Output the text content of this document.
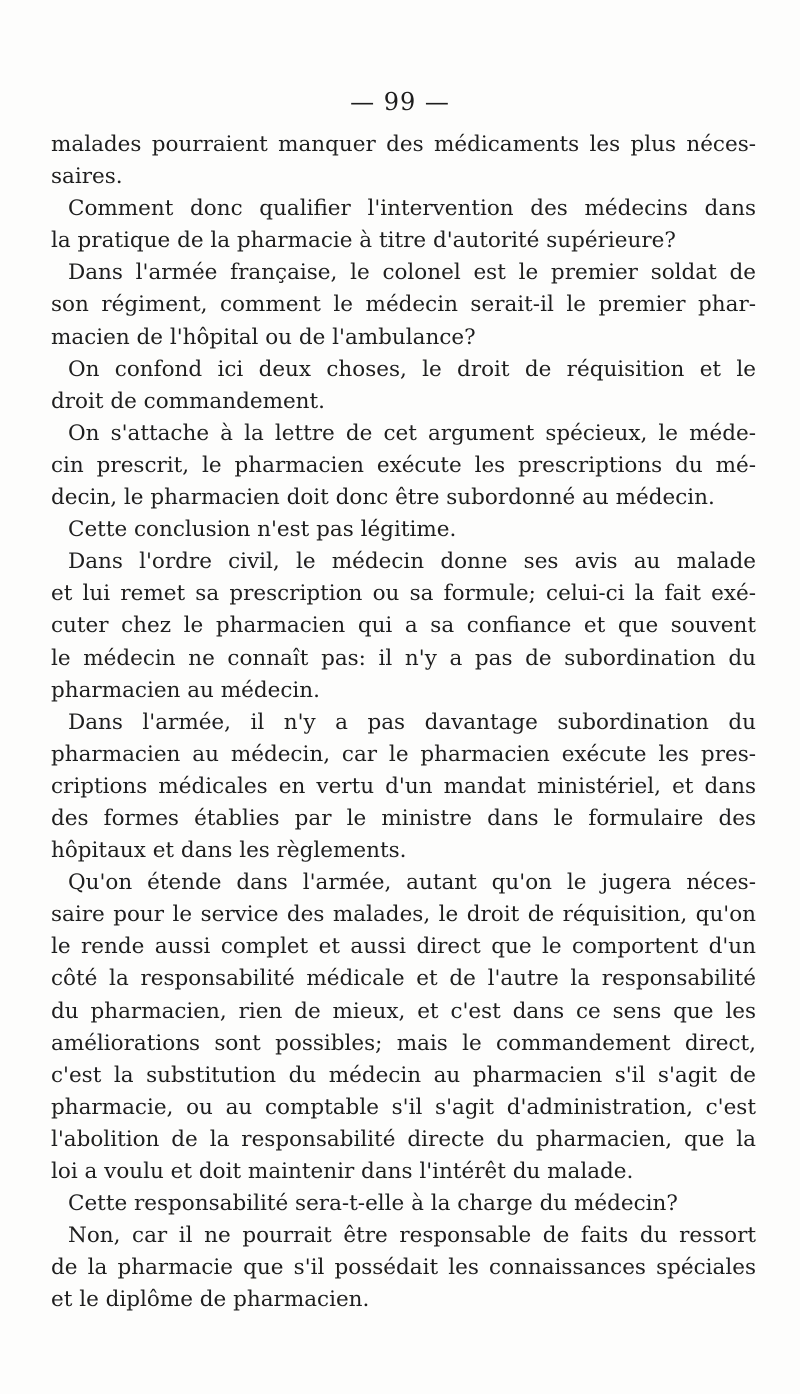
— 99 —
malades pourraient manquer des médicaments les plus néces-
saires.
Comment donc qualifier l'intervention des médecins dans
la pratique de la pharmacie à titre d'autorité supérieure?
Dans l'armée française, le colonel est le premier soldat de
son régiment, comment le médecin serait-il le premier phar-
macien de l'hôpital ou de l'ambulance?
On confond ici deux choses, le droit de réquisition et le
droit de commandement.
On s'attache à la lettre de cet argument spécieux, le méde-
cin prescrit, le pharmacien exécute les prescriptions du mé-
decin, le pharmacien doit donc être subordonné au médecin.
Cette conclusion n'est pas légitime.
Dans l'ordre civil, le médecin donne ses avis au malade
et lui remet sa prescription ou sa formule; celui-ci la fait exé-
cuter chez le pharmacien qui a sa confiance et que souvent
le médecin ne connaît pas: il n'y a pas de subordination du
pharmacien au médecin.
Dans l'armée, il n'y a pas davantage subordination du
pharmacien au médecin, car le pharmacien exécute les pres-
criptions médicales en vertu d'un mandat ministériel, et dans
des formes établies par le ministre dans le formulaire des
hôpitaux et dans les règlements.
Qu'on étende dans l'armée, autant qu'on le jugera néces-
saire pour le service des malades, le droit de réquisition, qu'on
le rende aussi complet et aussi direct que le comportent d'un
côté la responsabilité médicale et de l'autre la responsabilité
du pharmacien, rien de mieux, et c'est dans ce sens que les
améliorations sont possibles; mais le commandement direct,
c'est la substitution du médecin au pharmacien s'il s'agit de
pharmacie, ou au comptable s'il s'agit d'administration, c'est
l'abolition de la responsabilité directe du pharmacien, que la
loi a voulu et doit maintenir dans l'intérêt du malade.
Cette responsabilité sera-t-elle à la charge du médecin?
Non, car il ne pourrait être responsable de faits du ressort
de la pharmacie que s'il possédait les connaissances spéciales
et le diplôme de pharmacien.
